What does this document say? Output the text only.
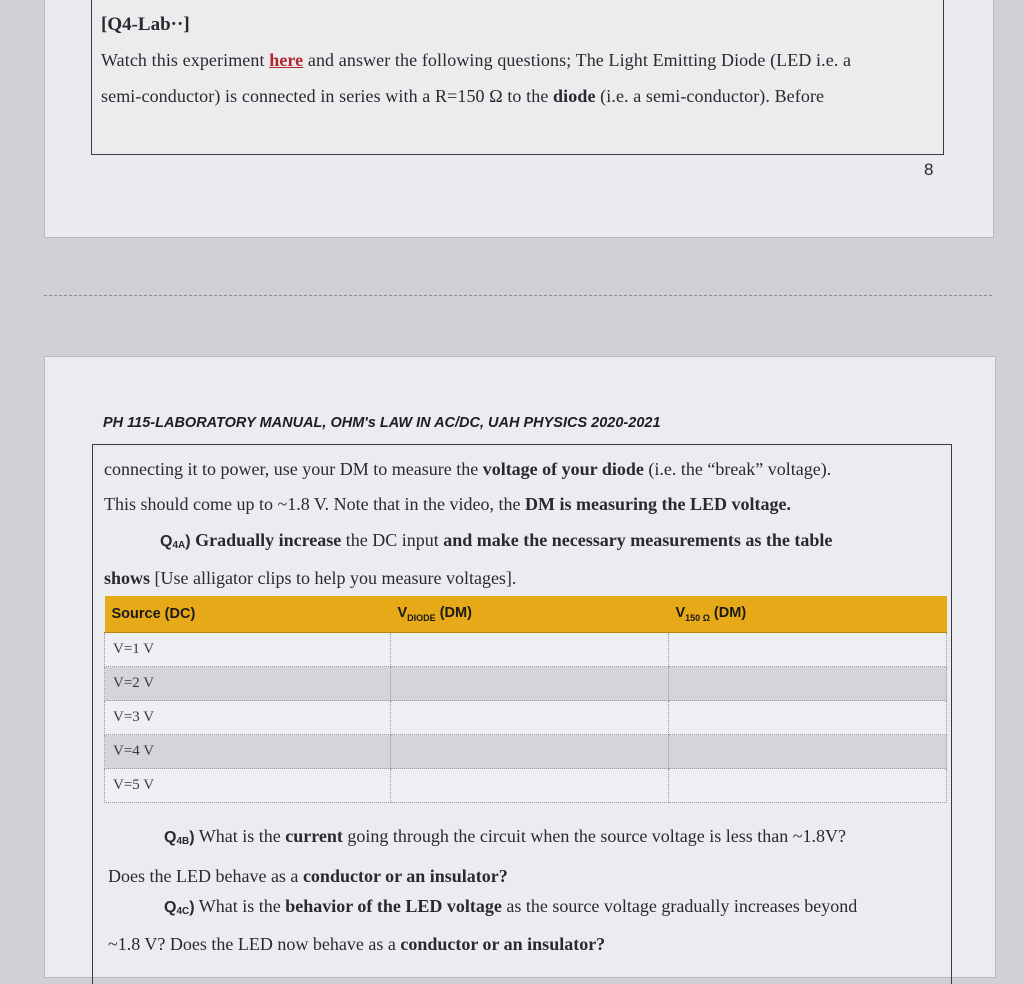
[Q4-Lab··]
Watch this experiment here and answer the following questions; The Light Emitting Diode (LED i.e. a
semi-conductor) is connected in series with a R=150 Ω to the diode (i.e. a semi-conductor). Before
8
PH 115-LABORATORY MANUAL, OHM's LAW IN AC/DC, UAH PHYSICS 2020-2021
connecting it to power, use your DM to measure the voltage of your diode (i.e. the “break” voltage).
This should come up to ~1.8 V. Note that in the video, the DM is measuring the LED voltage.
$Q_{4A}$) Gradually increase the DC input and make the necessary measurements as the table
shows [Use alligator clips to help you measure voltages].
Source (DC)	$V_{DIODE}$ (DM)	$V_{150 \Omega}$ (DM)
V=1 V		
V=2 V		
V=3 V		
V=4 V		
V=5 V		
$Q_{4B}$) What is the current going through the circuit when the source voltage is less than ~1.8V?
Does the LED behave as a conductor or an insulator?
$Q_{4C}$) What is the behavior of the LED voltage as the source voltage gradually increases beyond
~1.8 V? Does the LED now behave as a conductor or an insulator?
